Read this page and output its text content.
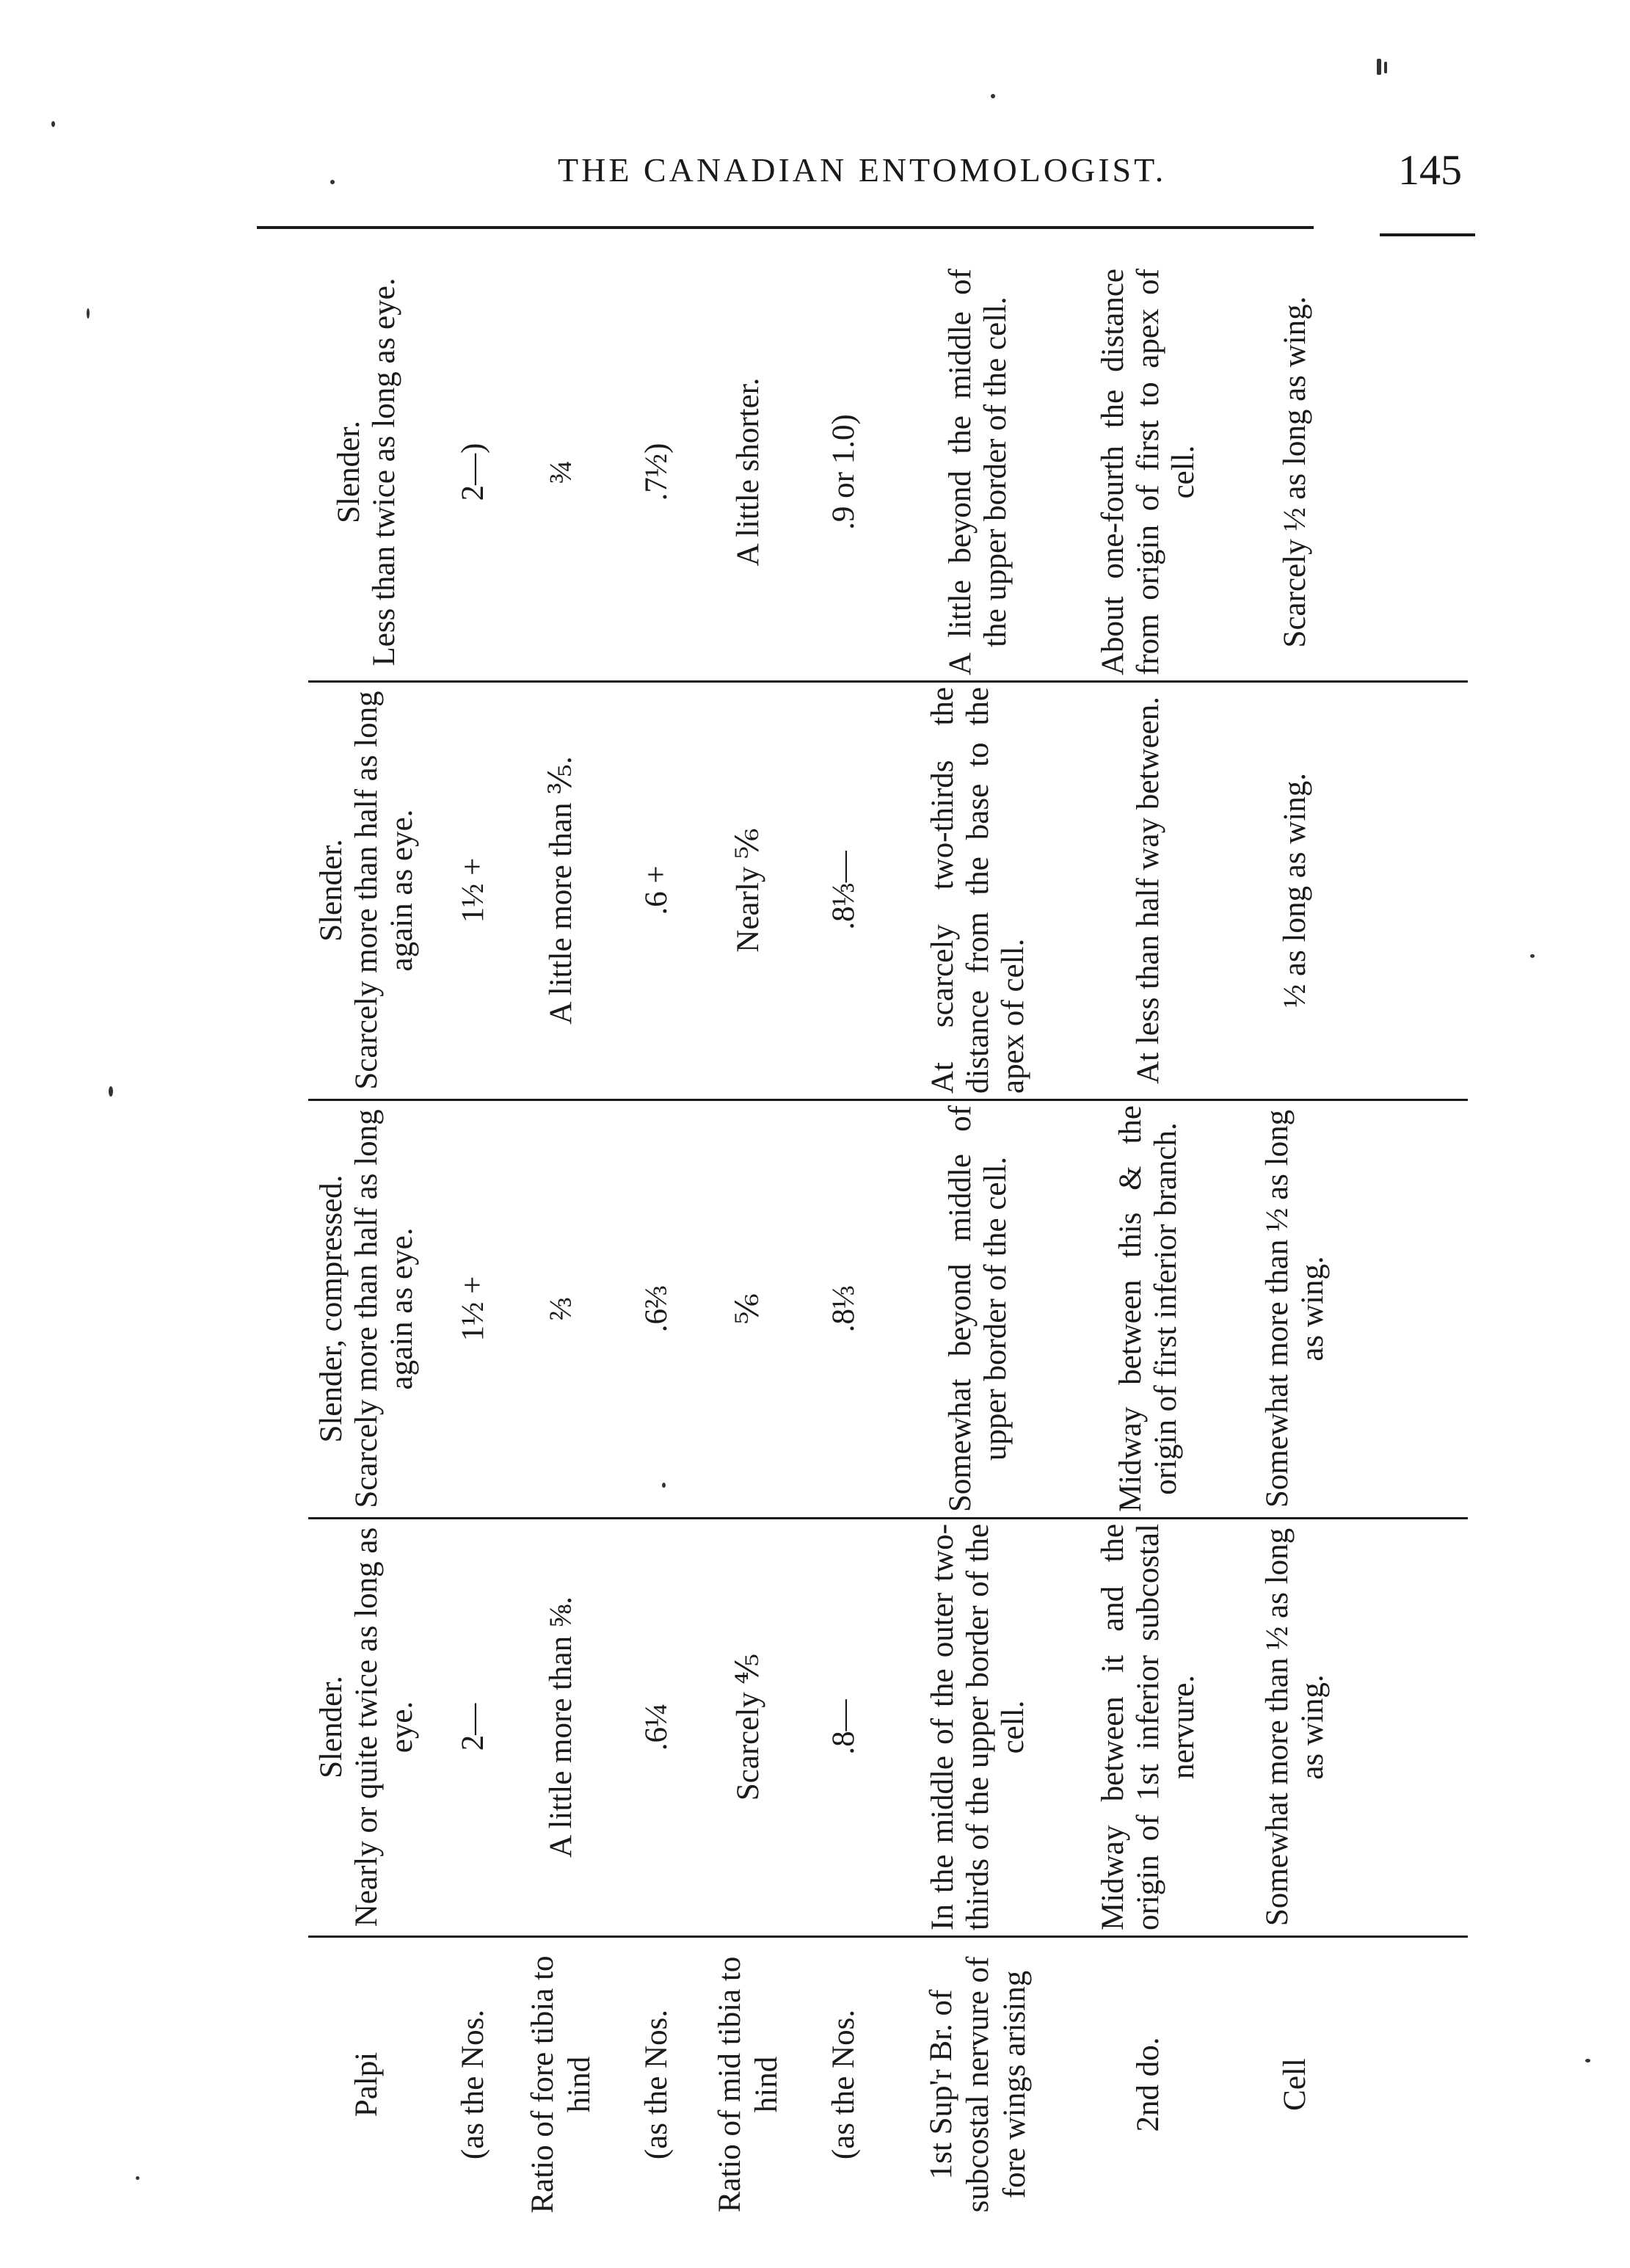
THE CANADIAN ENTOMOLOGIST.	145
Palpi	(as the Nos.	Ratio of fore tibia to hind	(as the Nos.	Ratio of mid tibia to hind	(as the Nos.	1st Sup'r Br. of subcostal nervure of fore wings arising	2nd do.	Cell
Slender. Nearly or quite twice as long as eye.	2—	A little more than ⅝.	.6¼	Scarcely ⅘	.8—	In the middle of the outer two-thirds of the upper border of the cell.	Midway between it and the origin of 1st inferior subcostal nervure.	Somewhat more than ½ as long as wing.
Slender, compressed. Scarcely more than half as long again as eye.	1½ +	⅔	.6⅔	⅚	.8⅓	Somewhat beyond middle of upper border of the cell.	Midway between this & the origin of first inferior branch.	Somewhat more than ½ as long as wing.
Slender. Scarcely more than half as long again as eye.	1½ +	A little more than ⅗.	.6 +	Nearly ⅚	.8⅓—	At scarcely two-thirds the distance from the base to the apex of cell.	At less than half way between.	½ as long as wing.
Slender. Less than twice as long as eye.	2—)	¾	.7½)	A little shorter.	.9 or 1.0)	A little beyond the middle of the upper border of the cell.	About one-fourth the distance from origin of first to apex of cell.	Scarcely ½ as long as wing.
